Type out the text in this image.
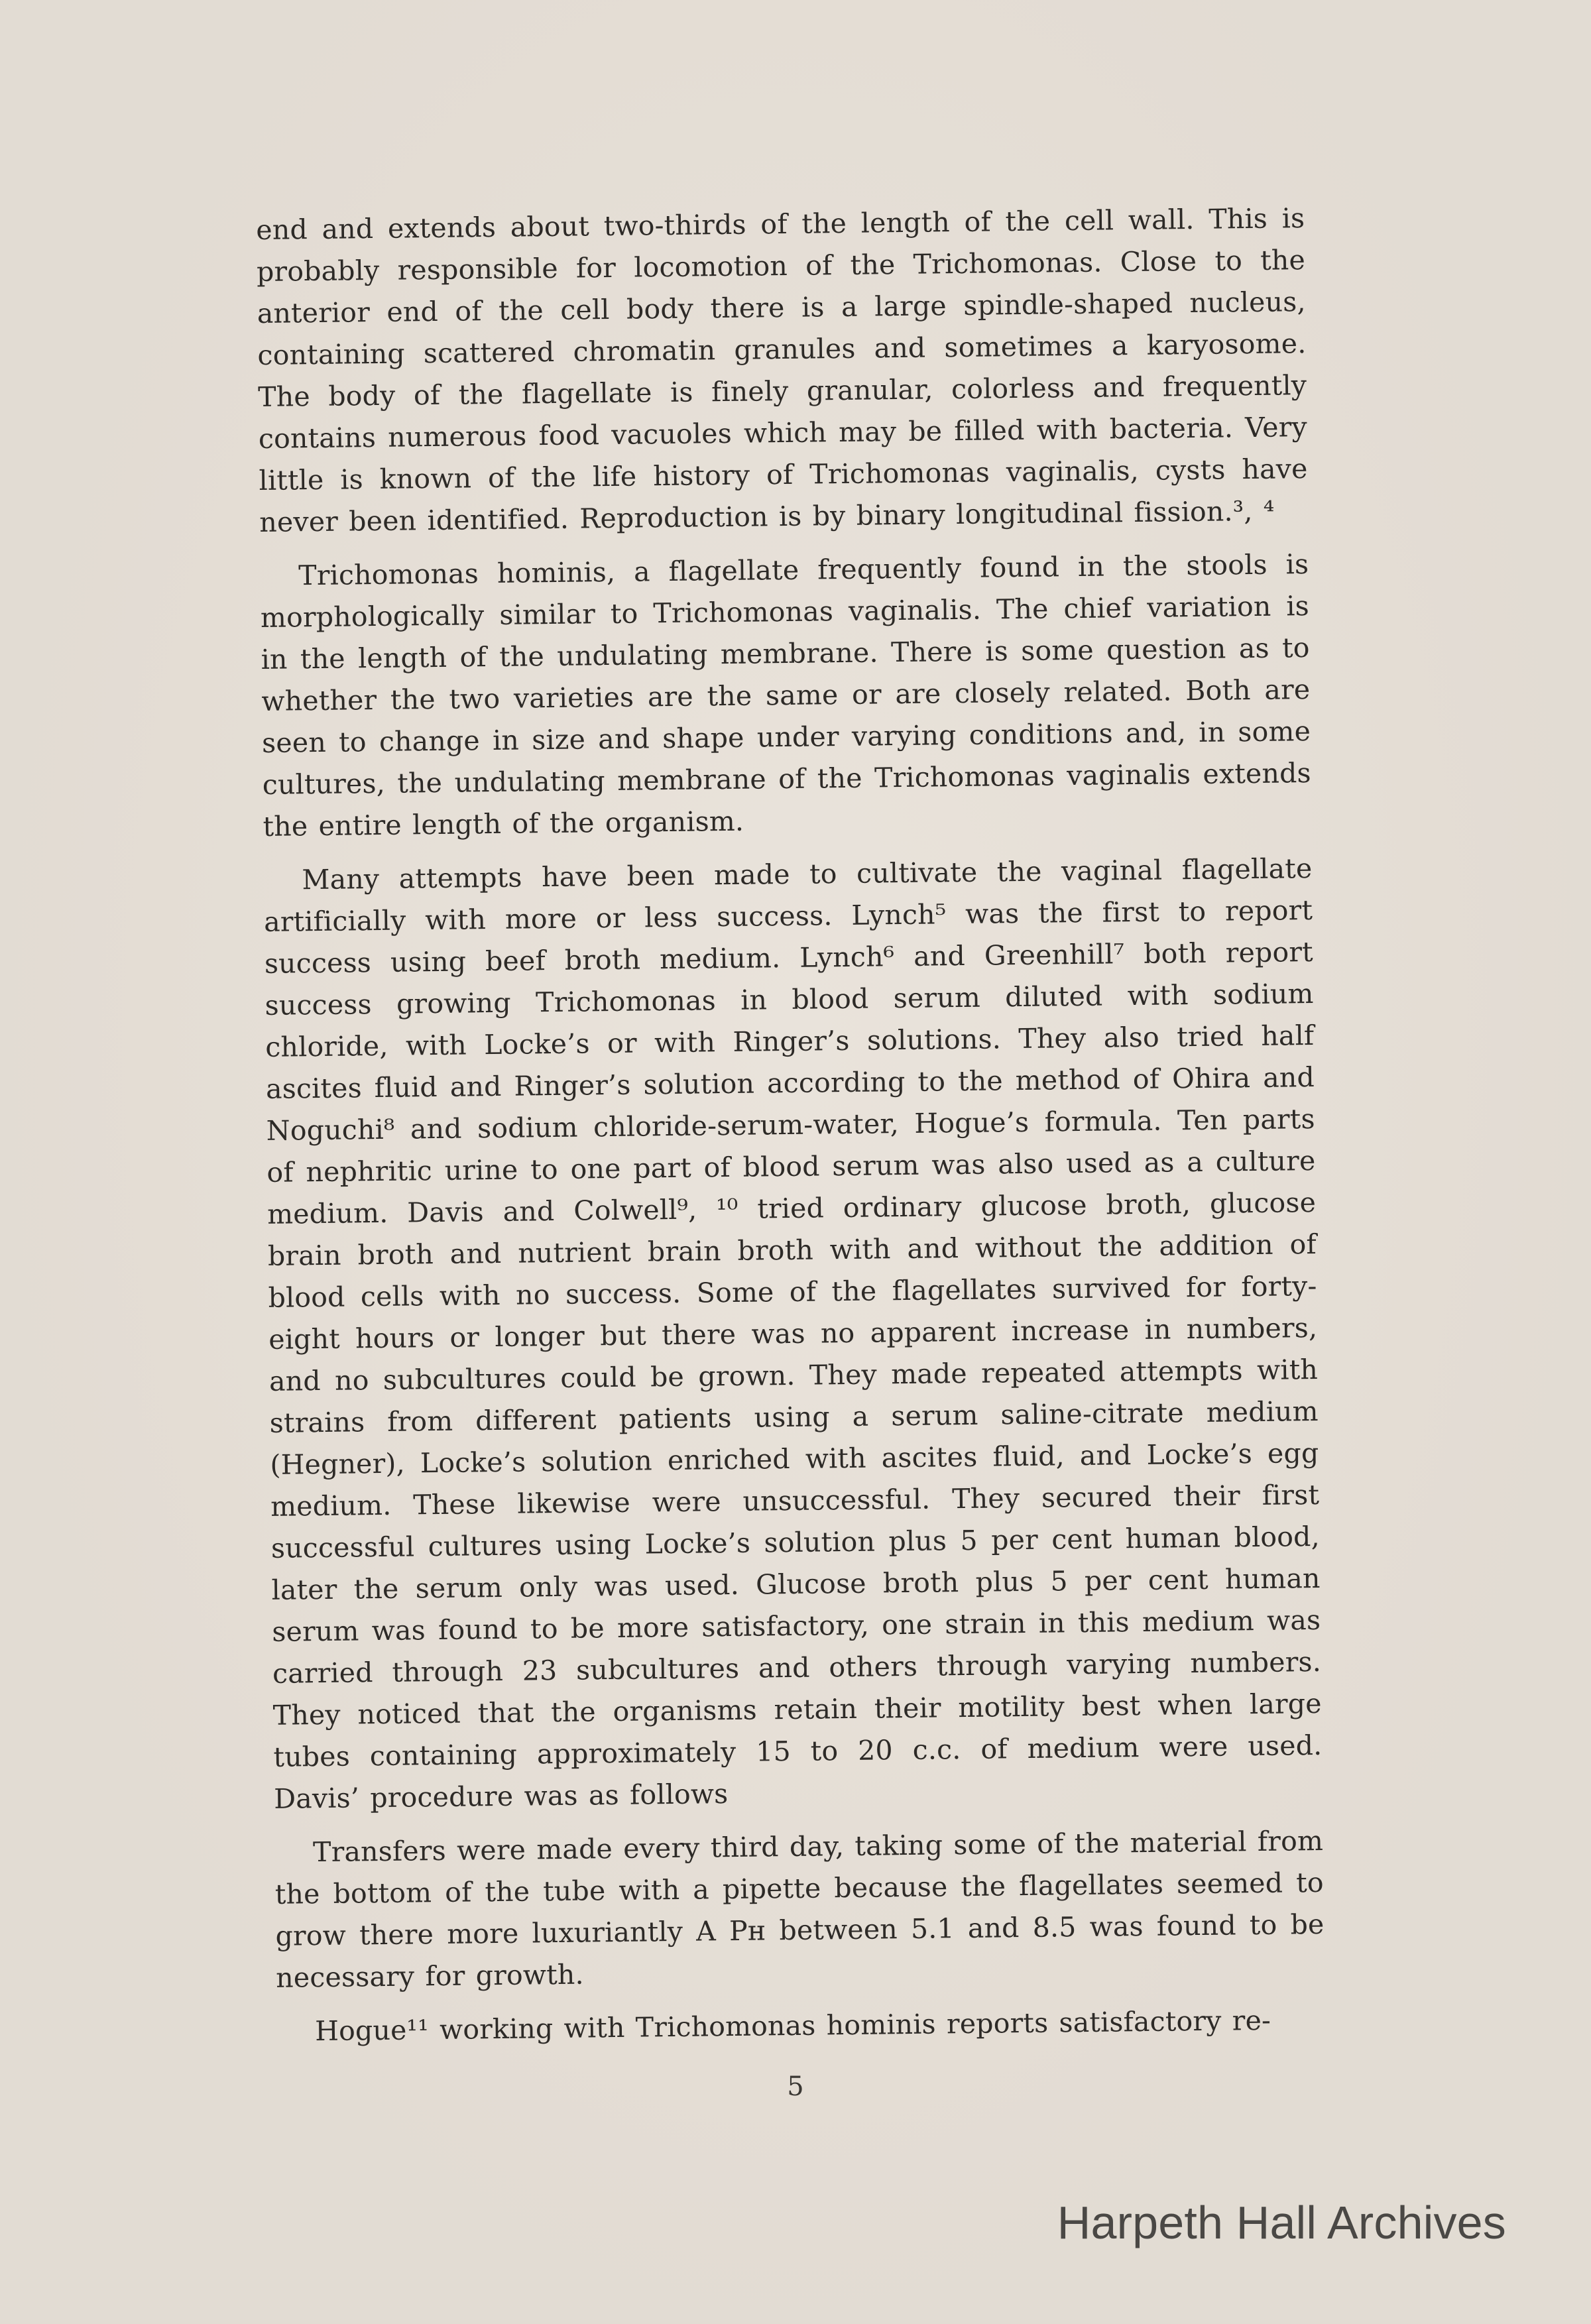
end and extends about two-thirds of the length of the cell wall. This is probably responsible for locomotion of the Trichomonas. Close to the anterior end of the cell body there is a large spindle-shaped nucleus, containing scattered chromatin granules and sometimes a karyosome. The body of the flagellate is finely granular, colorless and frequently contains numerous food vacuoles which may be filled with bacteria. Very little is known of the life history of Trichomonas vaginalis, cysts have never been identified. Reproduction is by binary longitudinal fission.³, ⁴

Trichomonas hominis, a flagellate frequently found in the stools is morphologically similar to Trichomonas vaginalis. The chief variation is in the length of the undulating membrane. There is some question as to whether the two varieties are the same or are closely related. Both are seen to change in size and shape under varying conditions and, in some cultures, the undulating membrane of the Trichomonas vaginalis extends the entire length of the organism.

Many attempts have been made to cultivate the vaginal flagellate artificially with more or less success. Lynch⁵ was the first to report success using beef broth medium. Lynch⁶ and Greenhill⁷ both report success growing Trichomonas in blood serum diluted with sodium chloride, with Locke’s or with Ringer’s solutions. They also tried half ascites fluid and Ringer’s solution according to the method of Ohira and Noguchi⁸ and sodium chloride-serum-water, Hogue’s formula. Ten parts of nephritic urine to one part of blood serum was also used as a culture medium. Davis and Colwell⁹, ¹⁰ tried ordinary glucose broth, glucose brain broth and nutrient brain broth with and without the addition of blood cells with no success. Some of the flagellates survived for forty-eight hours or longer but there was no apparent increase in numbers, and no subcultures could be grown. They made repeated attempts with strains from different patients using a serum saline-citrate medium (Hegner), Locke’s solution enriched with ascites fluid, and Locke’s egg medium. These likewise were unsuccessful. They secured their first successful cultures using Locke’s solution plus 5 per cent human blood, later the serum only was used. Glucose broth plus 5 per cent human serum was found to be more satisfactory, one strain in this medium was carried through 23 subcultures and others through varying numbers. They noticed that the organisms retain their motility best when large tubes containing approximately 15 to 20 c.c. of medium were used. Davis’ procedure was as follows

Transfers were made every third day, taking some of the material from the bottom of the tube with a pipette because the flagellates seemed to grow there more luxuriantly A Pʜ between 5.1 and 8.5 was found to be necessary for growth.

Hogue¹¹ working with Trichomonas hominis reports satisfactory re-

5
Harpeth Hall Archives
